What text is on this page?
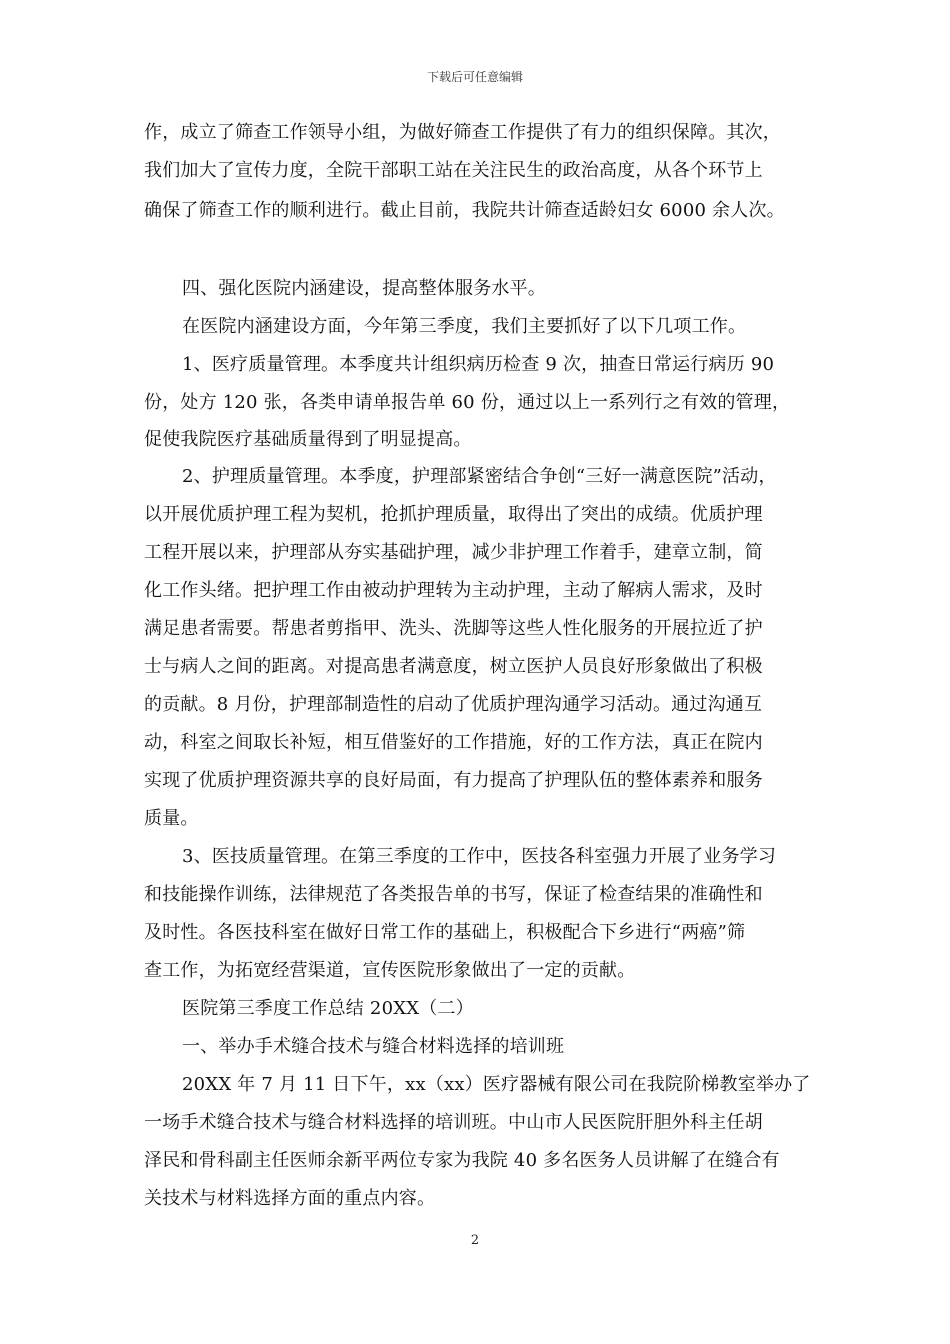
下载后可任意编辑
作，成立了筛查工作领导小组，为做好筛查工作提供了有力的组织保障。其次，
我们加大了宣传力度，全院干部职工站在关注民生的政治高度，从各个环节上
确保了筛查工作的顺利进行。截止目前，我院共计筛查适龄妇女 6000 余人次。
四、强化医院内涵建设，提高整体服务水平。
在医院内涵建设方面，今年第三季度，我们主要抓好了以下几项工作。
1、医疗质量管理。本季度共计组织病历检查 9 次，抽查日常运行病历 90
份，处方 120 张，各类申请单报告单 60 份，通过以上一系列行之有效的管理，
促使我院医疗基础质量得到了明显提高。
2、护理质量管理。本季度，护理部紧密结合争创“三好一满意医院”活动，
以开展优质护理工程为契机，抢抓护理质量，取得出了突出的成绩。优质护理
工程开展以来，护理部从夯实基础护理，减少非护理工作着手，建章立制，简
化工作头绪。把护理工作由被动护理转为主动护理，主动了解病人需求，及时
满足患者需要。帮患者剪指甲、洗头、洗脚等这些人性化服务的开展拉近了护
士与病人之间的距离。对提高患者满意度，树立医护人员良好形象做出了积极
的贡献。8 月份，护理部制造性的启动了优质护理沟通学习活动。通过沟通互
动，科室之间取长补短，相互借鉴好的工作措施，好的工作方法，真正在院内
实现了优质护理资源共享的良好局面，有力提高了护理队伍的整体素养和服务
质量。
3、医技质量管理。在第三季度的工作中，医技各科室强力开展了业务学习
和技能操作训练，法律规范了各类报告单的书写，保证了检查结果的准确性和
及时性。各医技科室在做好日常工作的基础上，积极配合下乡进行“两癌”筛
查工作，为拓宽经营渠道，宣传医院形象做出了一定的贡献。
医院第三季度工作总结 20XX（二）
一、举办手术缝合技术与缝合材料选择的培训班
20XX 年 7 月 11 日下午，xx（xx）医疗器械有限公司在我院阶梯教室举办了
一场手术缝合技术与缝合材料选择的培训班。中山市人民医院肝胆外科主任胡
泽民和骨科副主任医师余新平两位专家为我院 40 多名医务人员讲解了在缝合有
关技术与材料选择方面的重点内容。
2
